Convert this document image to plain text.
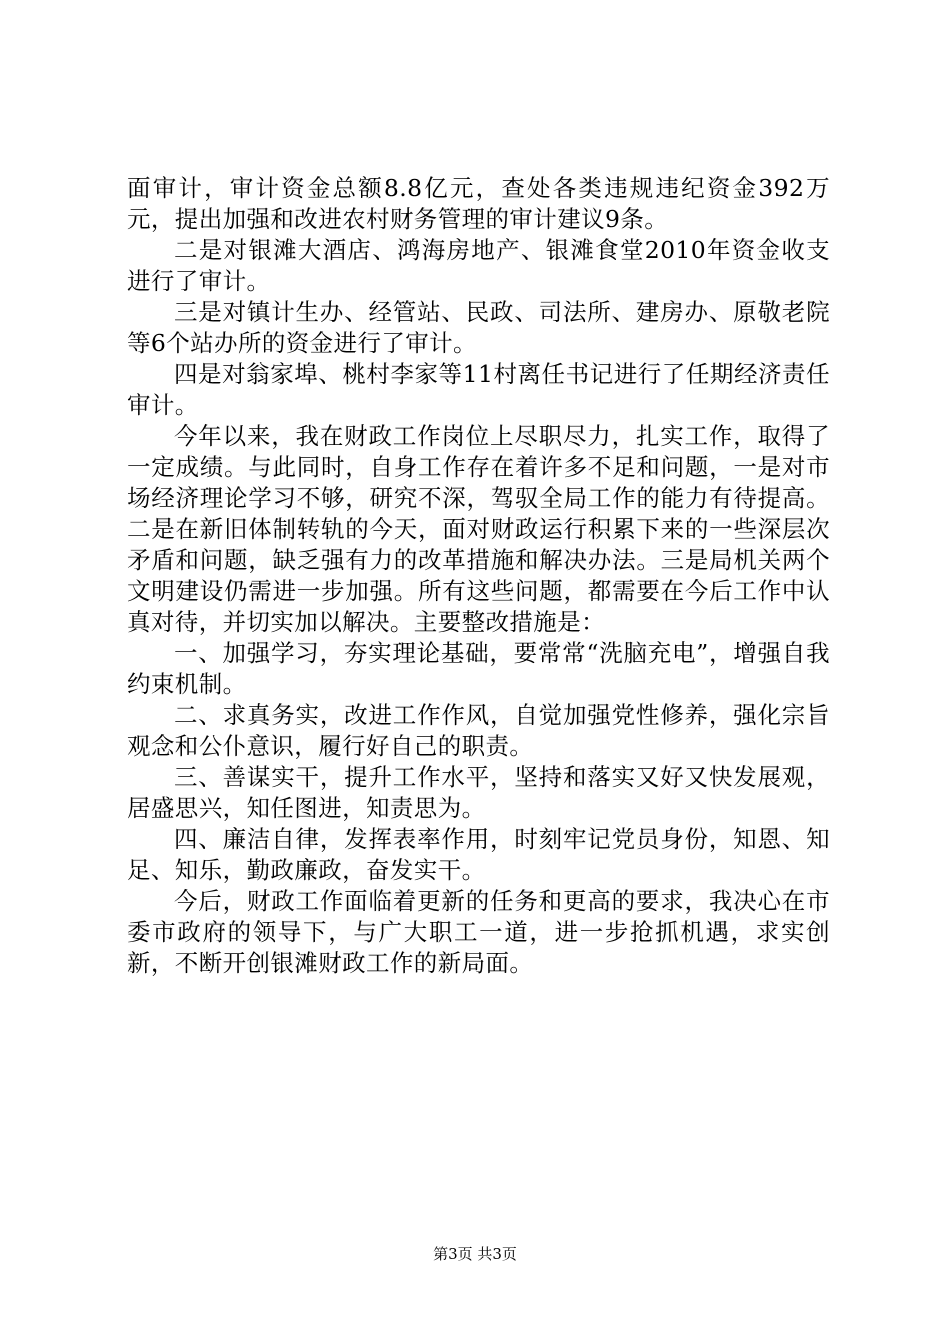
面审计，审计资金总额8.8亿元，查处各类违规违纪资金392万元，提出加强和改进农村财务管理的审计建议9条。

二是对银滩大酒店、鸿海房地产、银滩食堂2010年资金收支进行了审计。

三是对镇计生办、经管站、民政、司法所、建房办、原敬老院等6个站办所的资金进行了审计。

四是对翁家埠、桃村李家等11村离任书记进行了任期经济责任审计。

今年以来，我在财政工作岗位上尽职尽力，扎实工作，取得了一定成绩。与此同时，自身工作存在着许多不足和问题，一是对市场经济理论学习不够，研究不深，驾驭全局工作的能力有待提高。二是在新旧体制转轨的今天，面对财政运行积累下来的一些深层次矛盾和问题，缺乏强有力的改革措施和解决办法。三是局机关两个文明建设仍需进一步加强。所有这些问题，都需要在今后工作中认真对待，并切实加以解决。主要整改措施是：

一、加强学习，夯实理论基础，要常常“洗脑充电”，增强自我约束机制。

二、求真务实，改进工作作风，自觉加强党性修养，强化宗旨观念和公仆意识，履行好自己的职责。

三、善谋实干，提升工作水平，坚持和落实又好又快发展观，居盛思兴，知任图进，知责思为。

四、廉洁自律，发挥表率作用，时刻牢记党员身份，知恩、知足、知乐，勤政廉政，奋发实干。

今后，财政工作面临着更新的任务和更高的要求，我决心在市委市政府的领导下，与广大职工一道，进一步抢抓机遇，求实创新，不断开创银滩财政工作的新局面。

第3页 共3页
